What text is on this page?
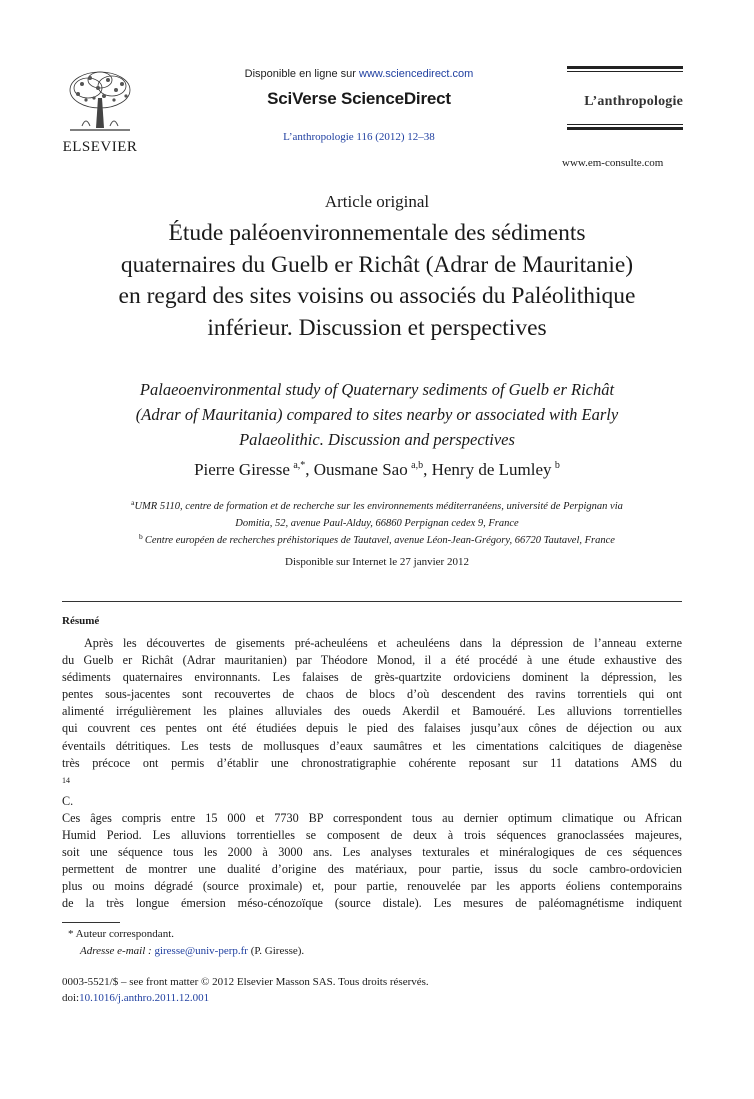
ELSEVIER
Disponible en ligne sur www.sciencedirect.com
SciVerse ScienceDirect
L’anthropologie 116 (2012) 12–38
L’anthropologie
www.em-consulte.com
Article original
Étude paléoenvironnementale des sédiments
quaternaires du Guelb er Richât (Adrar de Mauritanie)
en regard des sites voisins ou associés du Paléolithique
inférieur. Discussion et perspectives
Palaeoenvironmental study of Quaternary sediments of Guelb er Richât
(Adrar of Mauritania) compared to sites nearby or associated with Early
Palaeolithic. Discussion and perspectives
Pierre Giresse  $^{a,*}$, Ousmane Sao  $^{a,b}$, Henry de Lumley  $^b$
$^a$UMR 5110, centre de formation et de recherche sur les environnements méditerranéens, université de Perpignan via
Domitia, 52, avenue Paul-Alduy, 66860 Perpignan cedex 9, France
$^b$  Centre européen de recherches préhistoriques de Tautavel, avenue Léon-Jean-Grégory, 66720 Tautavel, France
Disponible sur Internet le 27 janvier 2012
Résumé
Après les découvertes de gisements pré-acheuléens et acheuléens dans la dépression de l’anneau externe
du Guelb er Richât (Adrar mauritanien) par Théodore Monod, il a été procédé à une étude exhaustive des
sédiments quaternaires environnants. Les falaises de grès-quartzite ordoviciens dominent la dépression, les
pentes sous-jacentes sont recouvertes de chaos de blocs d’où descendent des ravins torrentiels qui ont
alimenté irrégulièrement les plaines alluviales des oueds Akerdil et Bamouéré. Les alluvions torrentielles
qui couvrent ces pentes ont été étudiées depuis le pied des falaises jusqu’aux cônes de déjection ou aux
éventails détritiques. Les tests de mollusques d’eaux saumâtres et les cimentations calcitiques de diagenèse
très précoce ont permis d’établir une chronostratigraphie cohérente reposant sur 11 datations AMS du
$^{14}$
C.
Ces âges compris entre 15 000 et 7730 BP correspondent tous au dernier optimum climatique ou African
Humid Period. Les alluvions torrentielles se composent de deux à trois séquences granoclassées majeures,
soit une séquence tous les 2000 à 3000 ans. Les analyses texturales et minéralogiques de ces séquences
permettent de montrer une dualité d’origine des matériaux, pour partie, issus du socle cambro-ordovicien
plus ou moins dégradé (source proximale) et, pour partie, renouvelée par les apports éoliens contemporains
de la très longue émersion méso-cénozoïque (source distale). Les mesures de paléomagnétisme indiquent
* Auteur correspondant.
Adresse e-mail : giresse@univ-perp.fr (P. Giresse).
0003-5521/$ – see front matter © 2012 Elsevier Masson SAS. Tous droits réservés.
doi:10.1016/j.anthro.2011.12.001
